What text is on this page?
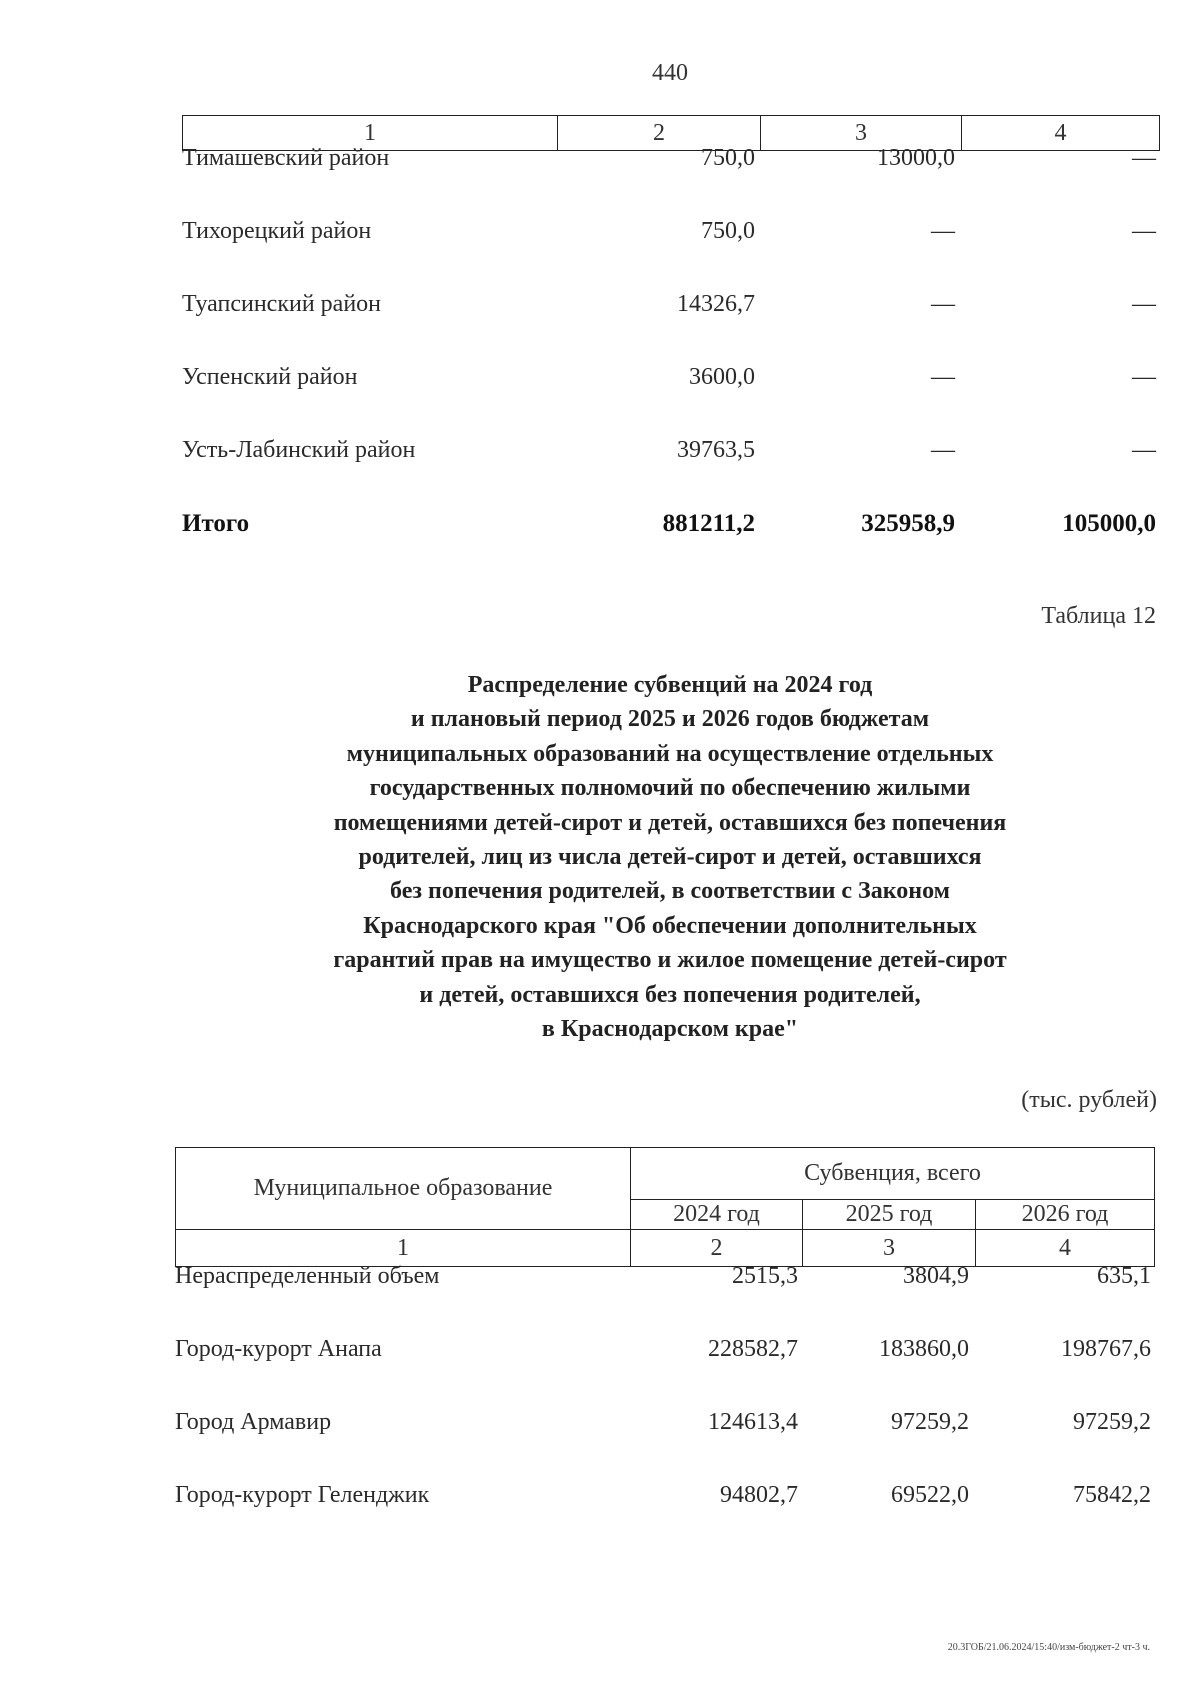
440
1	2	3	4
Тимашевский район	750,0	13000,0	—
Тихорецкий район	750,0	—	—
Туапсинский район	14326,7	—	—
Успенский район	3600,0	—	—
Усть-Лабинский район	39763,5	—	—
Итого	881211,2	325958,9	105000,0
Таблица 12
Распределение субвенций на 2024 год
и плановый период 2025 и 2026 годов бюджетам
муниципальных образований на осуществление отдельных
государственных полномочий по обеспечению жилыми
помещениями детей-сирот и детей, оставшихся без попечения
родителей, лиц из числа детей-сирот и детей, оставшихся
без попечения родителей, в соответствии с Законом
Краснодарского края "Об обеспечении дополнительных
гарантий прав на имущество и жилое помещение детей-сирот
и детей, оставшихся без попечения родителей,
в Краснодарском крае"
(тыс. рублей)
Муниципальное образование
Субвенция, всего
2024 год	2025 год	2026 год
1	2	3	4
Нераспределенный объем	2515,3	3804,9	635,1
Город-курорт Анапа	228582,7	183860,0	198767,6
Город Армавир	124613,4	97259,2	97259,2
Город-курорт Геленджик	94802,7	69522,0	75842,2
20.3ГОБ/21.06.2024/15:40/изм-бюджет-2 чт-3 ч.
